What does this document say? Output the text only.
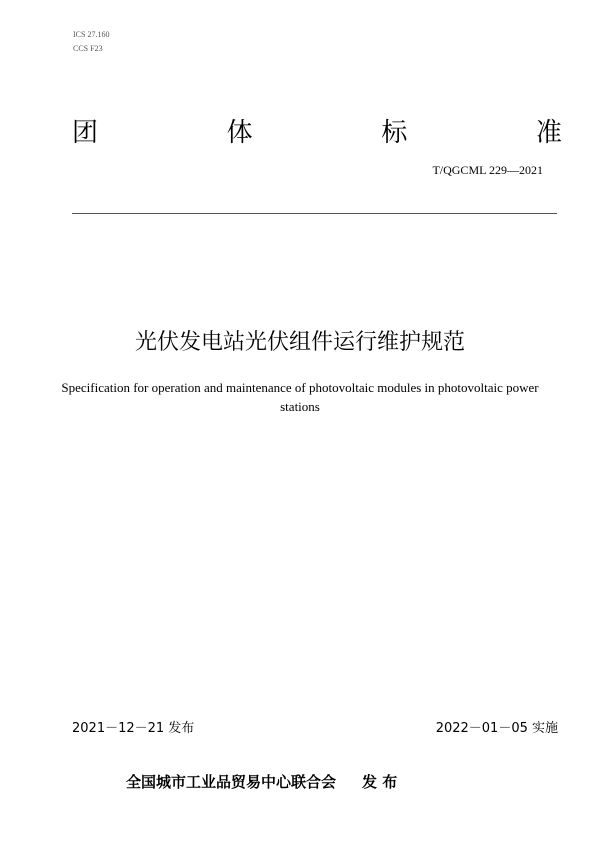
ICS 27.160
CCS F23
团	体	标	准
T/QGCML 229—2021
光伏发电站光伏组件运行维护规范
Specification for operation and maintenance of photovoltaic modules in photovoltaic power stations
2021－12－21 发布	2022－01－05 实施
全国城市工业品贸易中心联合会 发 布
